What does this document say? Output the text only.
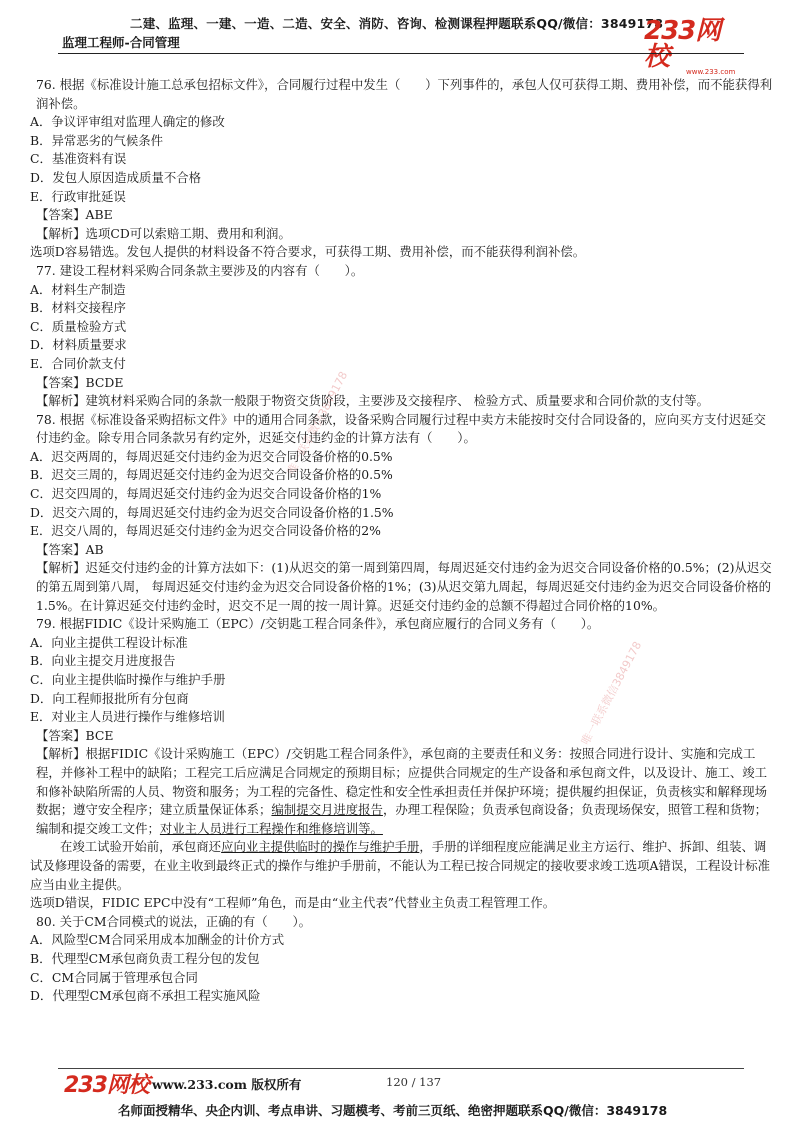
二建、监理、一建、一造、二造、安全、消防、咨询、检测课程押题联系QQ/微信：3849178
监理工程师-合同管理	233网校	www.233.com
唯一联系微信3849178
唯一联系微信3849178

76. 根据《标准设计施工总承包招标文件》，合同履行过程中发生（　　）下列事件的，承包人仅可获得工期、费用补偿，而不能获得利润补偿。

A．争议评审组对监理人确定的修改

B．异常恶劣的气候条件

C．基准资料有误

D．发包人原因造成质量不合格

E．行政审批延误

【答案】ABE

【解析】选项CD可以索赔工期、费用和利润。

选项D容易错选。发包人提供的材料设备不符合要求，可获得工期、费用补偿，而不能获得利润补偿。

77. 建设工程材料采购合同条款主要涉及的内容有（　　）。

A．材料生产制造

B．材料交接程序

C．质量检验方式

D．材料质量要求

E．合同价款支付

【答案】BCDE

【解析】建筑材料采购合同的条款一般限于物资交货阶段，主要涉及交接程序、 检验方式、质量要求和合同价款的支付等。

78. 根据《标准设备采购招标文件》中的通用合同条款，设备采购合同履行过程中卖方未能按时交付合同设备的，应向买方支付迟延交付违约金。除专用合同条款另有约定外，迟延交付违约金的计算方法有（　　）。

A．迟交两周的，每周迟延交付违约金为迟交合同设备价格的0.5%

B．迟交三周的，每周迟延交付违约金为迟交合同设备价格的0.5%

C．迟交四周的，每周迟延交付违约金为迟交合同设备价格的1%

D．迟交六周的，每周迟延交付违约金为迟交合同设备价格的1.5%

E．迟交八周的，每周迟延交付违约金为迟交合同设备价格的2%

【答案】AB

【解析】迟延交付违约金的计算方法如下：(1)从迟交的第一周到第四周，每周迟延交付违约金为迟交合同设备价格的0.5%；(2)从迟交的第五周到第八周， 每周迟延交付违约金为迟交合同设备价格的1%；(3)从迟交第九周起，每周迟延交付违约金为迟交合同设备价格的1.5%。在计算迟延交付违约金时，迟交不足一周的按一周计算。迟延交付违约金的总额不得超过合同价格的10%。

79. 根据FIDIC《设计采购施工（EPC）/交钥匙工程合同条件》，承包商应履行的合同义务有（　　）。

A．向业主提供工程设计标准

B．向业主提交月进度报告

C．向业主提供临时操作与维护手册

D．向工程师报批所有分包商

E．对业主人员进行操作与维修培训

【答案】BCE

【解析】根据FIDIC《设计采购施工（EPC）/交钥匙工程合同条件》，承包商的主要责任和义务：按照合同进行设计、实施和完成工程，并修补工程中的缺陷；工程完工后应满足合同规定的预期目标；应提供合同规定的生产设备和承包商文件，以及设计、施工、竣工和修补缺陷所需的人员、物资和服务；为工程的完备性、稳定性和安全性承担责任并保护环境；提供履约担保证，负责核实和解释现场数据；遵守安全程序；建立质量保证体系；编制提交月进度报告，办理工程保险；负责承包商设备；负责现场保安，照管工程和货物；编制和提交竣工文件；对业主人员进行工程操作和维修培训等。

在竣工试验开始前，承包商还应向业主提供临时的操作与维护手册，手册的详细程度应能满足业主方运行、维护、拆卸、组装、调试及修理设备的需要，在业主收到最终正式的操作与维护手册前，不能认为工程已按合同规定的接收要求竣工选项A错误，工程设计标准应当由业主提供。

选项D错误，FIDIC EPC中没有“工程师”角色，而是由“业主代表”代替业主负责工程管理工作。

80. 关于CM合同模式的说法，正确的有（　　）。

A．风险型CM合同采用成本加酬金的计价方式

B．代理型CM承包商负责工程分包的发包

C．CM合同属于管理承包合同

D．代理型CM承包商不承担工程实施风险

233网校 www.233.com 版权所有	120 / 137
名师面授精华、央企内训、考点串讲、习题模考、考前三页纸、绝密押题联系QQ/微信：3849178
